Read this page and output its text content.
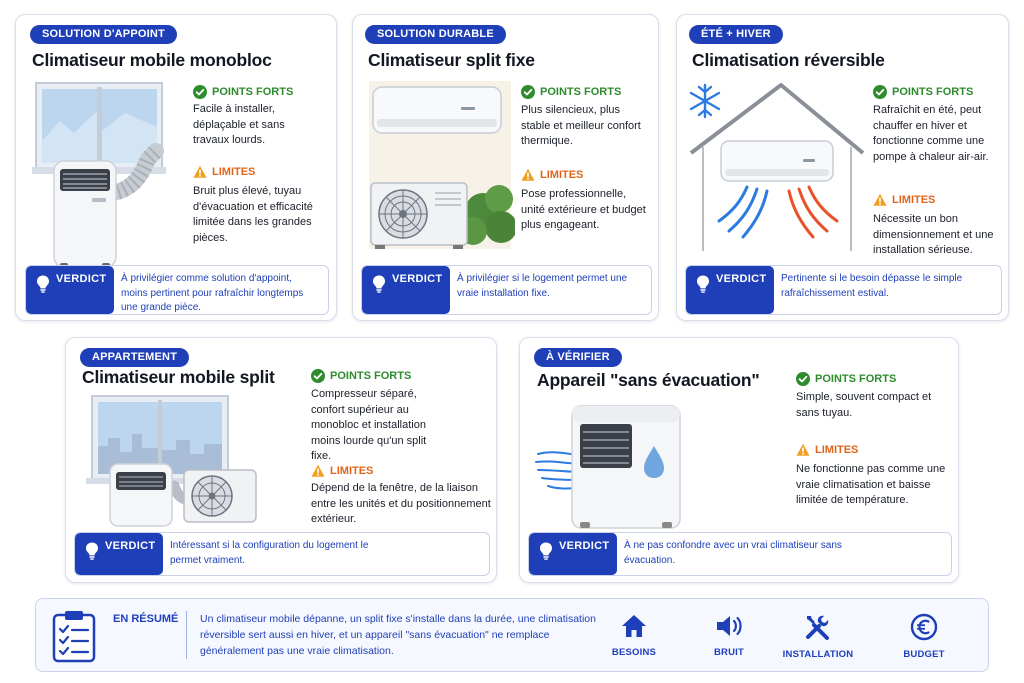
SOLUTION D'APPOINT
Climatiseur mobile monobloc
POINTS FORTS
Facile à installer, déplaçable et sans travaux lourds.
LIMITES
Bruit plus élevé, tuyau d'évacuation et efficacité limitée dans les grandes pièces.
VERDICT À privilégier comme solution d'appoint, moins pertinent pour rafraîchir longtemps une grande pièce.
SOLUTION DURABLE
Climatiseur split fixe
POINTS FORTS
Plus silencieux, plus stable et meilleur confort thermique.
LIMITES
Pose professionnelle, unité extérieure et budget plus engageant.
VERDICT À privilégier si le logement permet une vraie installation fixe.
ÉTÉ + HIVER
Climatisation réversible
POINTS FORTS
Rafraîchit en été, peut chauffer en hiver et fonctionne comme une pompe à chaleur air-air.
LIMITES
Nécessite un bon dimensionnement et une installation sérieuse.
VERDICT Pertinente si le besoin dépasse le simple rafraîchissement estival.
APPARTEMENT
Climatiseur mobile split	POINTS FORTS
Compresseur séparé, confort supérieur au monobloc et installation moins lourde qu'un split fixe.
LIMITES
Dépend de la fenêtre, de la liaison entre les unités et du positionnement extérieur.
VERDICT Intéressant si la configuration du logement le permet vraiment.
À VÉRIFIER
Appareil "sans évacuation"	POINTS FORTS
Simple, souvent compact et sans tuyau.
LIMITES
Ne fonctionne pas comme une vraie climatisation et baisse limitée de température.
VERDICT À ne pas confondre avec un vrai climatiseur sans évacuation.
EN RÉSUMÉ Un climatiseur mobile dépanne, un split fixe s'installe dans la durée, une climatisation réversible sert aussi en hiver, et un appareil "sans évacuation" ne remplace généralement pas une vraie climatisation.	BESOINS	BRUIT	INSTALLATION	BUDGET
